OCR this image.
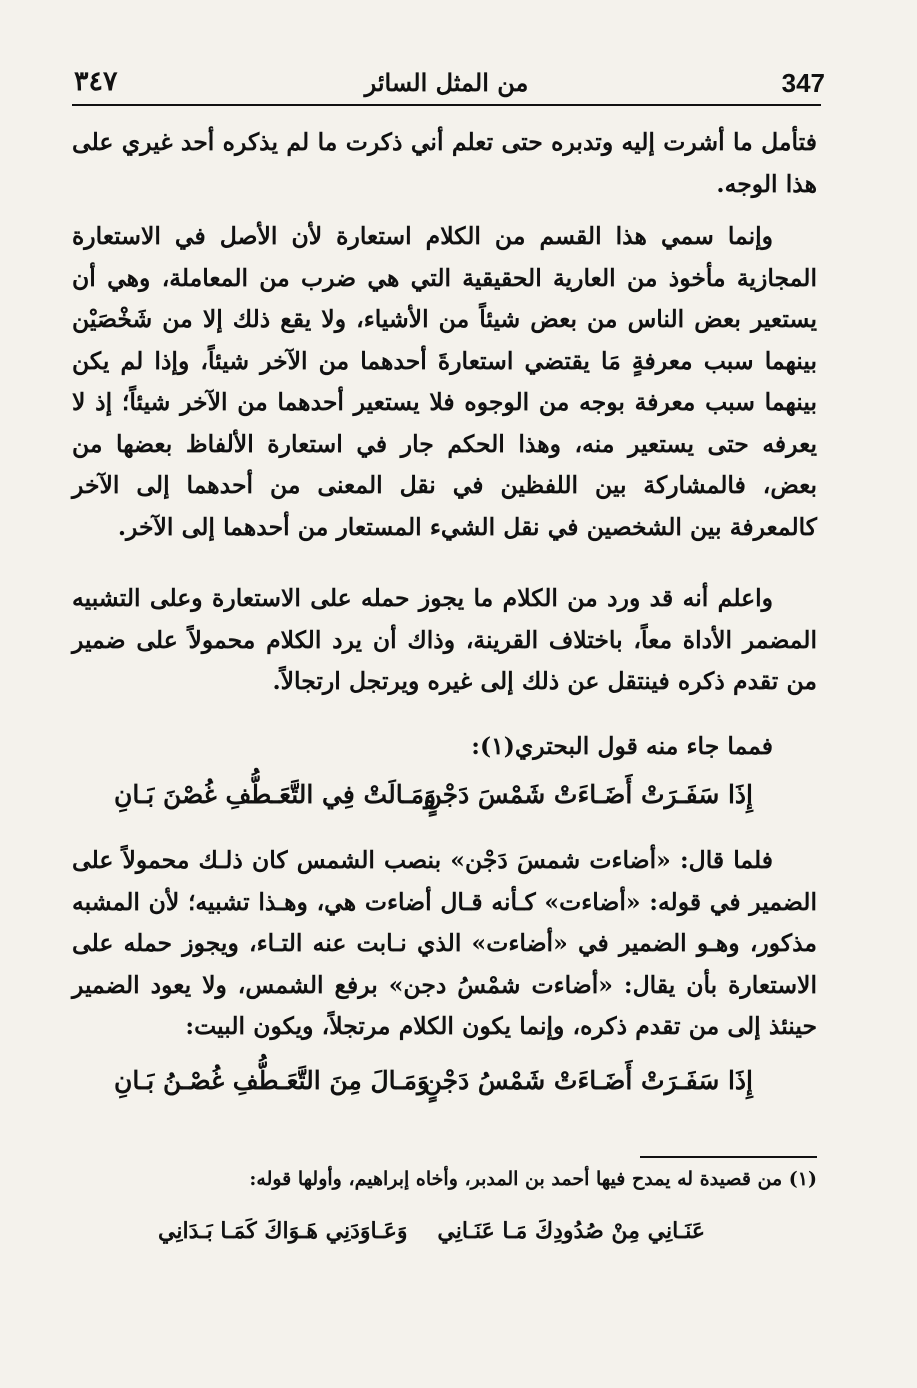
٣٤٧	من المثل السائر	347

فتأمل ما أشرت إليه وتدبره حتى تعلم أني ذكرت ما لم يذكره أحد غيري على هذا الوجه.

وإنما سمي هذا القسم من الكلام استعارة لأن الأصل في الاستعارة المجازية مأخوذ من العارية الحقيقية التي هي ضرب من المعاملة، وهي أن يستعير بعض الناس من بعض شيئاً من الأشياء، ولا يقع ذلك إلا من شَخْصَيْن بينهما سبب معرفةٍ مَا يقتضي استعارةَ أحدهما من الآخر شيئاً، وإذا لم يكن بينهما سبب معرفة بوجه من الوجوه فلا يستعير أحدهما من الآخر شيئاً؛ إذ لا يعرفه حتى يستعير منه، وهذا الحكم جار في استعارة الألفاظ بعضها من بعض، فالمشاركة بين اللفظين في نقل المعنى من أحدهما إلى الآخر كالمعرفة بين الشخصين في نقل الشيء المستعار من أحدهما إلى الآخر.

واعلم أنه قد ورد من الكلام ما يجوز حمله على الاستعارة وعلى التشبيه المضمر الأداة معاً، باختلاف القرينة، وذاك أن يرد الكلام محمولاً على ضمير من تقدم ذكره فينتقل عن ذلك إلى غيره ويرتجل ارتجالاً.

فمما جاء منه قول البحتري(١):

إِذَا سَفَـرَتْ أَضَـاءَتْ شَمْسَ دَجْنٍ
وَمَـالَتْ فِي التَّعَـطُّفِ غُصْنَ بَـانِ

فلما قال: «أضاءت شمسَ دَجْن» بنصب الشمس كان ذلـك محمولاً على الضمير في قوله: «أضاءت» كـأنه قـال أضاءت هي، وهـذا تشبيه؛ لأن المشبه مذكور، وهـو الضمير في «أضاءت» الذي نـابت عنه التـاء، ويجوز حمله على الاستعارة بأن يقال: «أضاءت شمْسُ دجن» برفع الشمس، ولا يعود الضمير حينئذ إلى من تقدم ذكره، وإنما يكون الكلام مرتجلاً، ويكون البيت:

إِذَا سَفَـرَتْ أَضَـاءَتْ شَمْسُ دَجْنٍ
وَمَـالَ مِنَ التَّعَـطُّفِ غُصْـنُ بَـانِ
(١) من قصيدة له يمدح فيها أحمد بن المدبر، وأخاه إبراهيم، وأولها قوله:
عَنَـانِي مِنْ صُدُودِكَ مَـا عَنَـانِي
وَعَـاوَدَنِي هَـوَاكَ كَمَـا بَـدَانِي
